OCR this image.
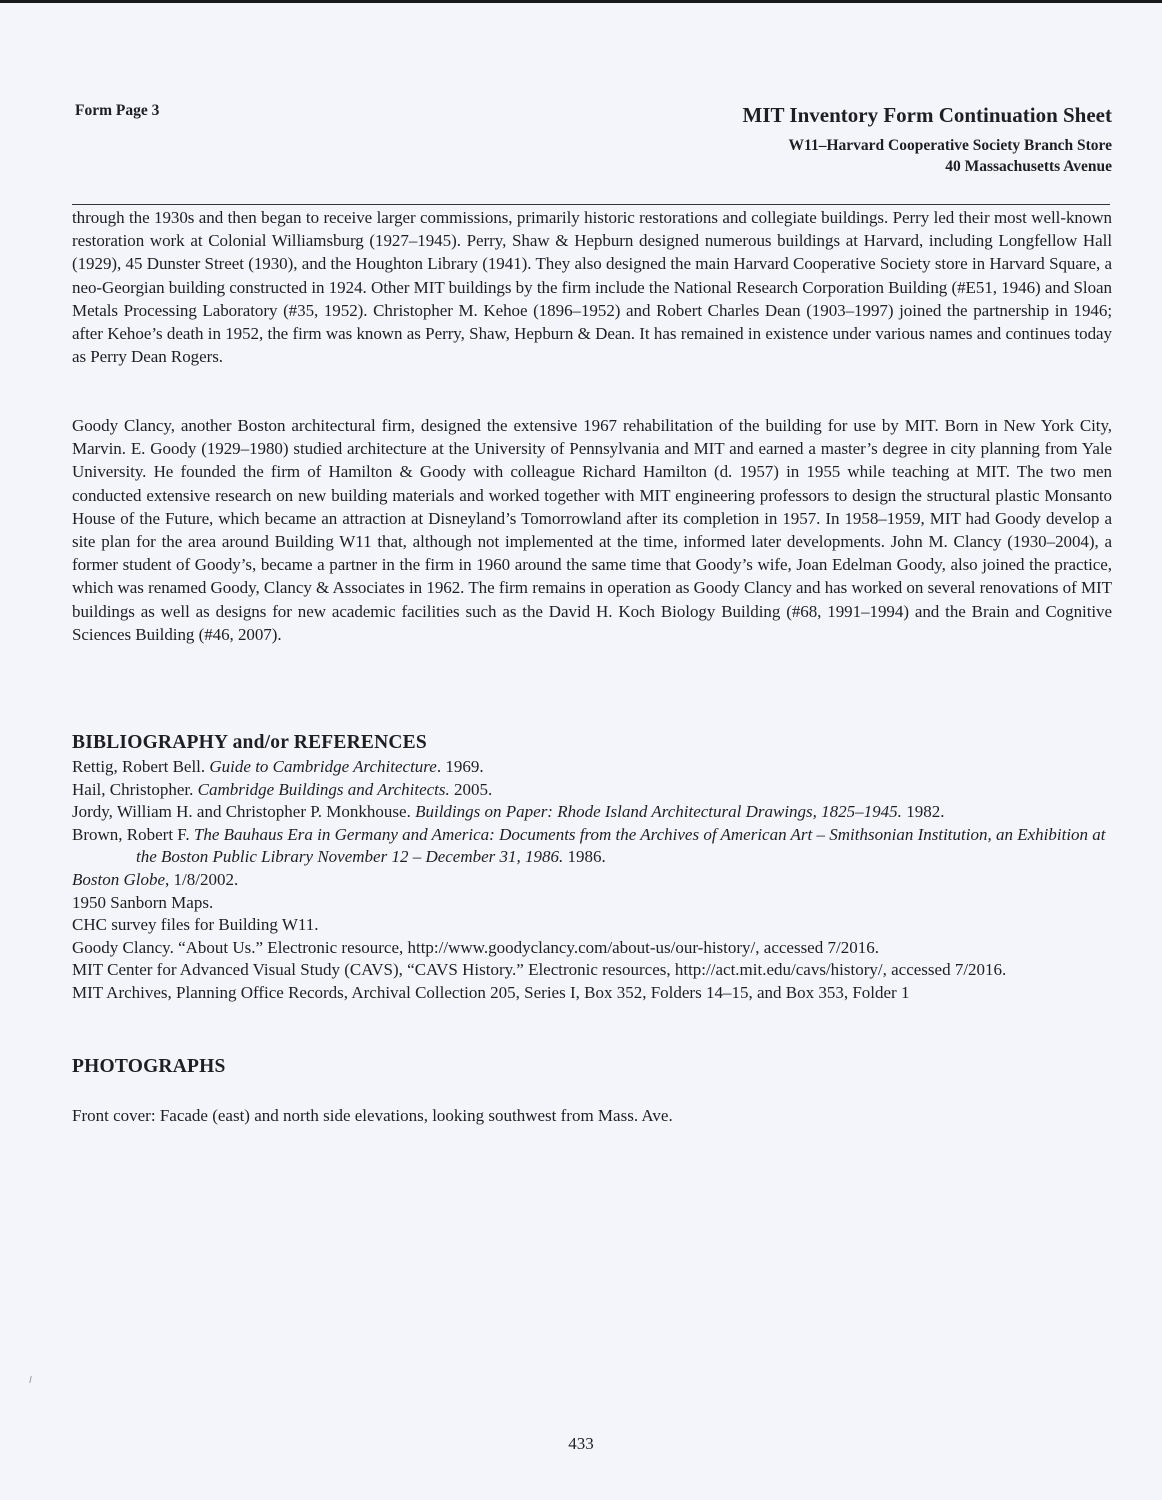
Form Page 3	MIT Inventory Form Continuation Sheet
W11–Harvard Cooperative Society Branch Store
40 Massachusetts Avenue
through the 1930s and then began to receive larger commissions, primarily historic restorations and collegiate buildings. Perry led their most well-known restoration work at Colonial Williamsburg (1927–1945). Perry, Shaw & Hepburn designed numerous buildings at Harvard, including Longfellow Hall (1929), 45 Dunster Street (1930), and the Houghton Library (1941). They also designed the main Harvard Cooperative Society store in Harvard Square, a neo-Georgian building constructed in 1924. Other MIT buildings by the firm include the National Research Corporation Building (#E51, 1946) and Sloan Metals Processing Laboratory (#35, 1952). Christopher M. Kehoe (1896–1952) and Robert Charles Dean (1903–1997) joined the partnership in 1946; after Kehoe’s death in 1952, the firm was known as Perry, Shaw, Hepburn & Dean. It has remained in existence under various names and continues today as Perry Dean Rogers.
Goody Clancy, another Boston architectural firm, designed the extensive 1967 rehabilitation of the building for use by MIT. Born in New York City, Marvin. E. Goody (1929–1980) studied architecture at the University of Pennsylvania and MIT and earned a master’s degree in city planning from Yale University. He founded the firm of Hamilton & Goody with colleague Richard Hamilton (d. 1957) in 1955 while teaching at MIT. The two men conducted extensive research on new building materials and worked together with MIT engineering professors to design the structural plastic Monsanto House of the Future, which became an attraction at Disneyland’s Tomorrowland after its completion in 1957. In 1958–1959, MIT had Goody develop a site plan for the area around Building W11 that, although not implemented at the time, informed later developments. John M. Clancy (1930–2004), a former student of Goody’s, became a partner in the firm in 1960 around the same time that Goody’s wife, Joan Edelman Goody, also joined the practice, which was renamed Goody, Clancy & Associates in 1962. The firm remains in operation as Goody Clancy and has worked on several renovations of MIT buildings as well as designs for new academic facilities such as the David H. Koch Biology Building (#68, 1991–1994) and the Brain and Cognitive Sciences Building (#46, 2007).
BIBLIOGRAPHY and/or REFERENCES
Rettig, Robert Bell. Guide to Cambridge Architecture. 1969.
Hail, Christopher. Cambridge Buildings and Architects. 2005.
Jordy, William H. and Christopher P. Monkhouse. Buildings on Paper: Rhode Island Architectural Drawings, 1825–1945. 1982.
Brown, Robert F. The Bauhaus Era in Germany and America: Documents from the Archives of American Art – Smithsonian Institution, an Exhibition at the Boston Public Library November 12 – December 31, 1986. 1986.
Boston Globe, 1/8/2002.
1950 Sanborn Maps.
CHC survey files for Building W11.
Goody Clancy. “About Us.” Electronic resource, http://www.goodyclancy.com/about-us/our-history/, accessed 7/2016.
MIT Center for Advanced Visual Study (CAVS), “CAVS History.” Electronic resources, http://act.mit.edu/cavs/history/, accessed 7/2016.
MIT Archives, Planning Office Records, Archival Collection 205, Series I, Box 352, Folders 14–15, and Box 353, Folder 1
PHOTOGRAPHS
Front cover: Facade (east) and north side elevations, looking southwest from Mass. Ave.
433
